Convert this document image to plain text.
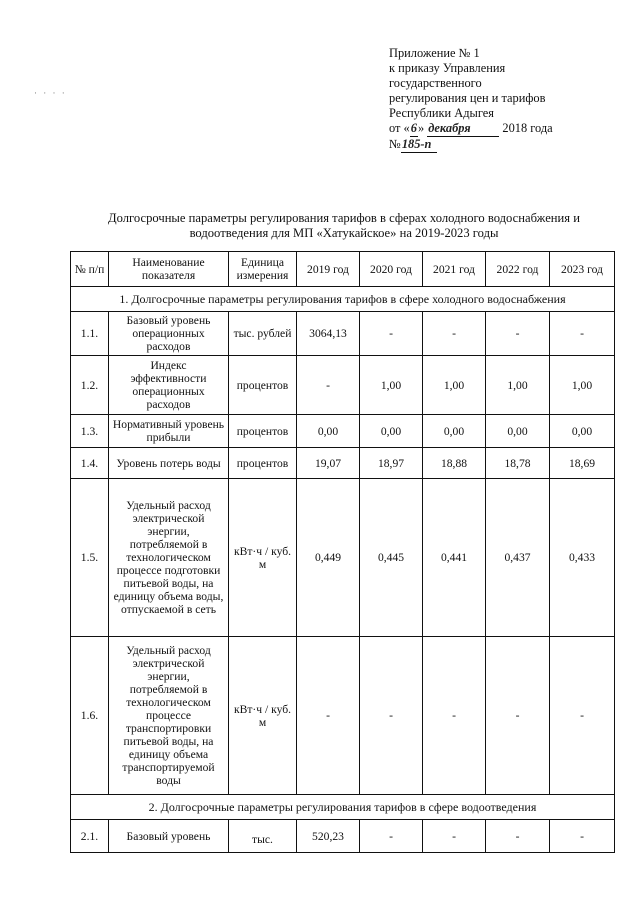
Приложение № 1
к приказу Управления
государственного
регулирования цен и тарифов
Республики Адыгея
от «6» декабря	2018 года
№185-п
· · · ·
Долгосрочные параметры регулирования тарифов в сферах холодного водоснабжения и
водоотведения для МП «Хатукайское» на 2019-2023 годы
№ п/п	Наименование показателя	Единица измерения	2019 год	2020 год	2021 год	2022 год	2023 год
1. Долгосрочные параметры регулирования тарифов в сфере холодного водоснабжения							
1.1.	Базовый уровень операционных расходов	тыс. рублей	3064,13	-	-	-	-
1.2.	Индекс эффективности операционных расходов	процентов	-	1,00	1,00	1,00	1,00
1.3.	Нормативный уровень прибыли	процентов	0,00	0,00	0,00	0,00	0,00
1.4.	Уровень потерь воды	процентов	19,07	18,97	18,88	18,78	18,69
1.5.	Удельный расход электрической энергии, потребляемой в технологическом процессе подготовки питьевой воды, на единицу объема воды, отпускаемой в сеть	кВт·ч / куб. м	0,449	0,445	0,441	0,437	0,433
1.6.	Удельный расход электрической энергии, потребляемой в технологическом процессе транспортировки питьевой воды, на единицу объема транспортируемой воды	кВт·ч / куб. м	-	-	-	-	-
2. Долгосрочные параметры регулирования тарифов в сфере водоотведения							
2.1.	Базовый уровень	тыс.	520,23	-	-	-	-
